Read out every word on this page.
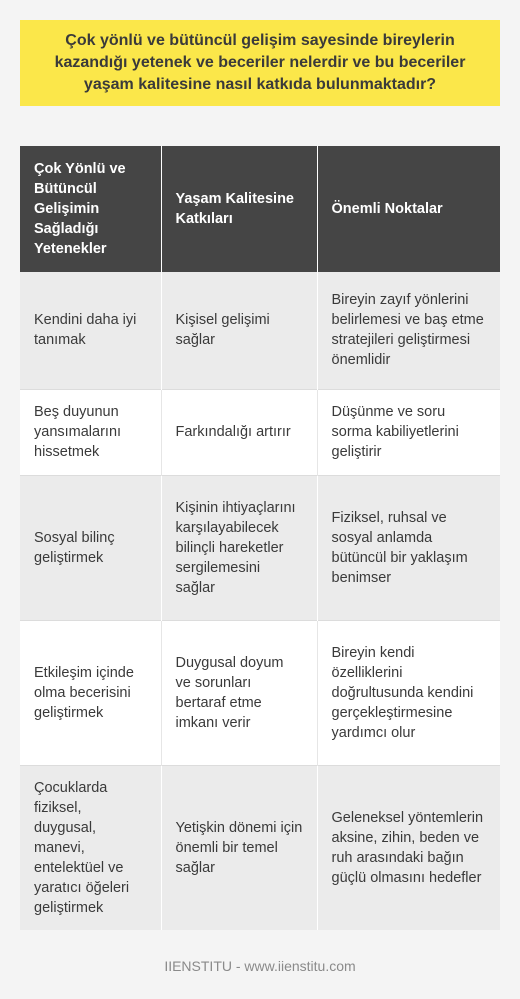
Çok yönlü ve bütüncül gelişim sayesinde bireylerin kazandığı yetenek ve beceriler nelerdir ve bu beceriler yaşam kalitesine nasıl katkıda bulunmaktadır?
Çok Yönlü ve Bütüncül Gelişimin Sağladığı Yetenekler	Yaşam Kalitesine Katkıları	Önemli Noktalar
Kendini daha iyi tanımak	Kişisel gelişimi sağlar	Bireyin zayıf yönlerini belirlemesi ve baş etme stratejileri geliştirmesi önemlidir
Beş duyunun yansımalarını hissetmek	Farkındalığı artırır	Düşünme ve soru sorma kabiliyetlerini geliştirir
Sosyal bilinç geliştirmek	Kişinin ihtiyaçlarını karşılayabilecek bilinçli hareketler sergilemesini sağlar	Fiziksel, ruhsal ve sosyal anlamda bütüncül bir yaklaşım benimser
Etkileşim içinde olma becerisini geliştirmek	Duygusal doyum ve sorunları bertaraf etme imkanı verir	Bireyin kendi özelliklerini doğrultusunda kendini gerçekleştirmesine yardımcı olur
Çocuklarda fiziksel, duygusal, manevi, entelektüel ve yaratıcı öğeleri geliştirmek	Yetişkin dönemi için önemli bir temel sağlar	Geleneksel yöntemlerin aksine, zihin, beden ve ruh arasındaki bağın güçlü olmasını hedefler
IIENSTITU - www.iienstitu.com
